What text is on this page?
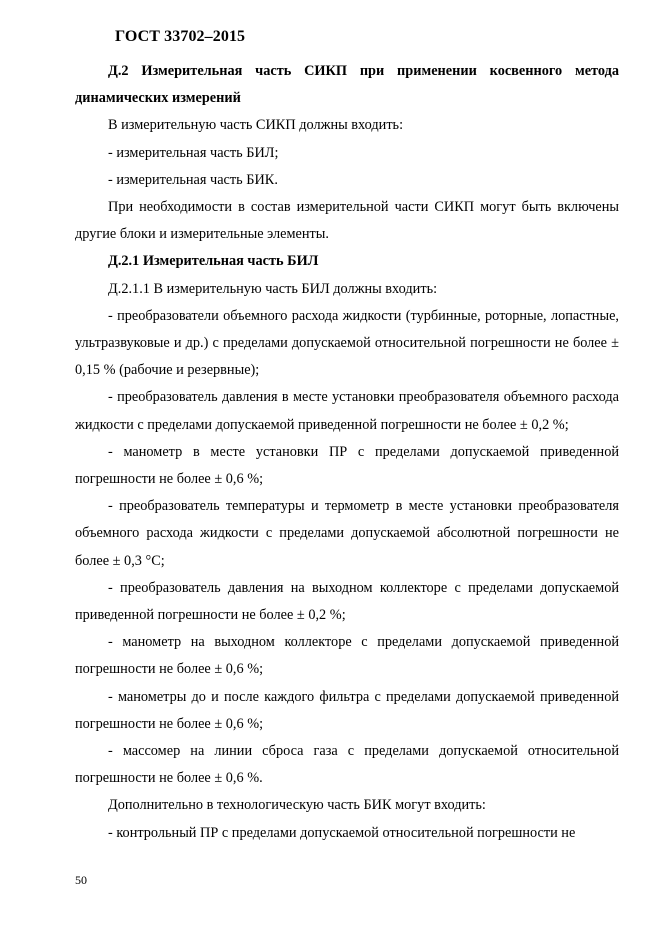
ГОСТ 33702–2015

Д.2 Измерительная часть СИКП при применении косвенного метода динамических измерений

В измерительную часть СИКП должны входить:

- измерительная часть БИЛ;

- измерительная часть БИК.

При необходимости в состав измерительной части СИКП могут быть включены другие блоки и измерительные элементы.

Д.2.1 Измерительная часть БИЛ

Д.2.1.1 В измерительную часть БИЛ должны входить:

- преобразователи объемного расхода жидкости (турбинные, роторные, лопастные, ультразвуковые и др.) с пределами допускаемой относительной погрешности не более ± 0,15 % (рабочие и резервные);

- преобразователь давления в месте установки преобразователя объемного расхода жидкости с пределами допускаемой приведенной погрешности не более ± 0,2 %;

- манометр в месте установки ПР с пределами допускаемой приведенной погрешности не более ± 0,6 %;

- преобразователь температуры и термометр в месте установки преобразователя объемного расхода жидкости с пределами допускаемой абсолютной погрешности не более ± 0,3 °С;

- преобразователь давления на выходном коллекторе с пределами допускаемой приведенной погрешности не более ± 0,2 %;

- манометр на выходном коллекторе с пределами допускаемой приведенной погрешности не более ± 0,6 %;

- манометры до и после каждого фильтра с пределами допускаемой приведенной погрешности не более ± 0,6 %;

- массомер на линии сброса газа с пределами допускаемой относительной погрешности не более ± 0,6 %.

Дополнительно в технологическую часть БИК могут входить:

- контрольный ПР с пределами допускаемой относительной погрешности не

50
